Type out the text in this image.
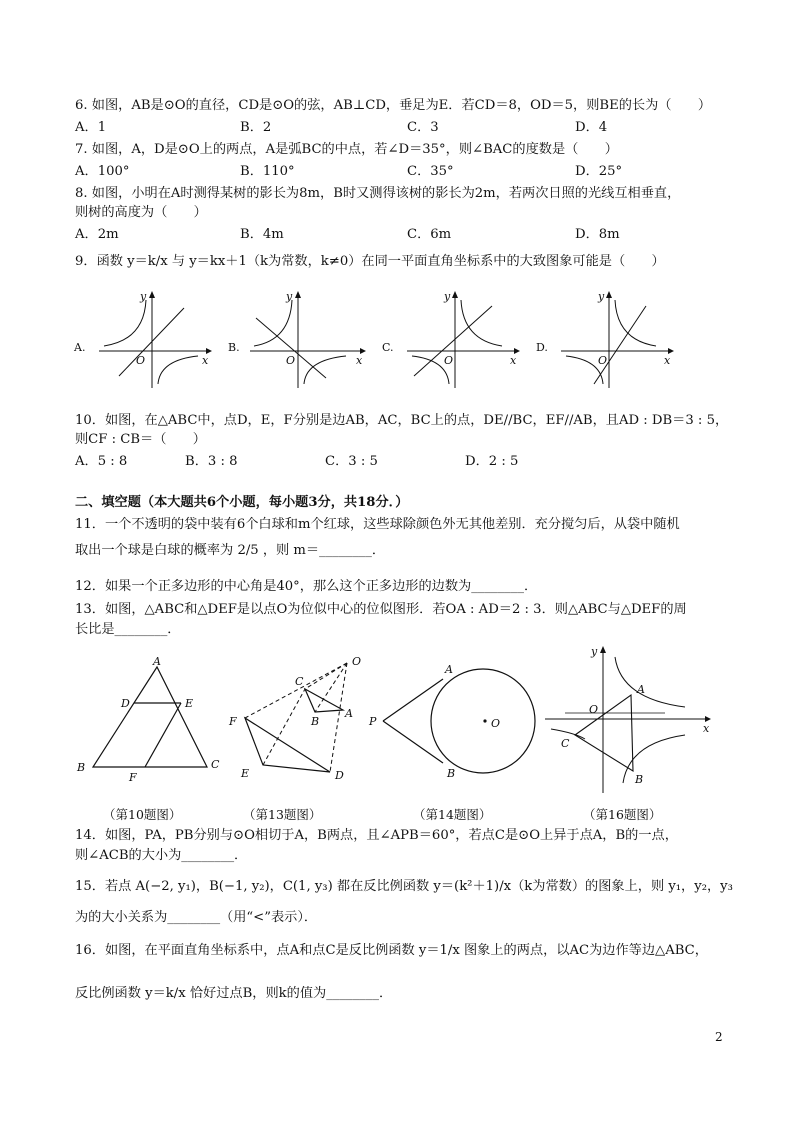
6. 如图，AB是⊙O的直径，CD是⊙O的弦，AB⊥CD，垂足为E．若CD＝8，OD＝5，则BE的长为（　　）
A．1	B．2	C．3	D．4
7. 如图，A，D是⊙O上的两点，A是弧BC的中点，若∠D＝35°，则∠BAC的度数是（　　）
A．100°	B．110°	C．35°	D．25°
8. 如图，小明在A时测得某树的影长为8m，B时又测得该树的影长为2m，若两次日照的光线互相垂直，
则树的高度为（　　）
A．2m	B．4m	C．6m	D．8m
9．函数 y＝k/x 与 y＝kx＋1（k为常数，k≠0）在同一平面直角坐标系中的大致图象可能是（　　）
A.
y
x
O
B.
y
x
O
C.
y
x
O
D.
y
x
O
10．如图，在△ABC中，点D，E，F分别是边AB，AC，BC上的点，DE//BC，EF//AB，且AD : DB＝3 : 5，
则CF : CB＝（　　）
A．5 : 8	B．3 : 8	C．3 : 5	D．2 : 5
二、填空题（本大题共6个小题，每小题3分，共18分．）
11．一个不透明的袋中装有6个白球和m个红球，这些球除颜色外无其他差别．充分搅匀后，从袋中随机
取出一个球是白球的概率为 2/5 ，则 m＝________．
12．如果一个正多边形的中心角是40°，那么这个正多边形的边数为________．
13．如图，△ABC和△DEF是以点O为位似中心的位似图形．若OA : AD＝2 : 3．则△ABC与△DEF的周
长比是________．
A
D	E
B
F
C
O
C
A
B
F
E	D
A
P	O
B
y
x
O
A
C
B
（第10题图）	（第13题图）	（第14题图）	（第16题图）
14．如图，PA，PB分别与⊙O相切于A，B两点，且∠APB＝60°，若点C是⊙O上异于点A，B的一点，
则∠ACB的大小为________．
15．若点 A(−2, y₁)，B(−1, y₂)，C(1, y₃) 都在反比例函数 y＝(k²＋1)/x（k为常数）的图象上，则 y₁，y₂，y₃
为的大小关系为________（用“<”表示）．
16．如图，在平面直角坐标系中，点A和点C是反比例函数 y＝1/x 图象上的两点，以AC为边作等边△ABC，
反比例函数 y＝k/x 恰好过点B，则k的值为________．
2
